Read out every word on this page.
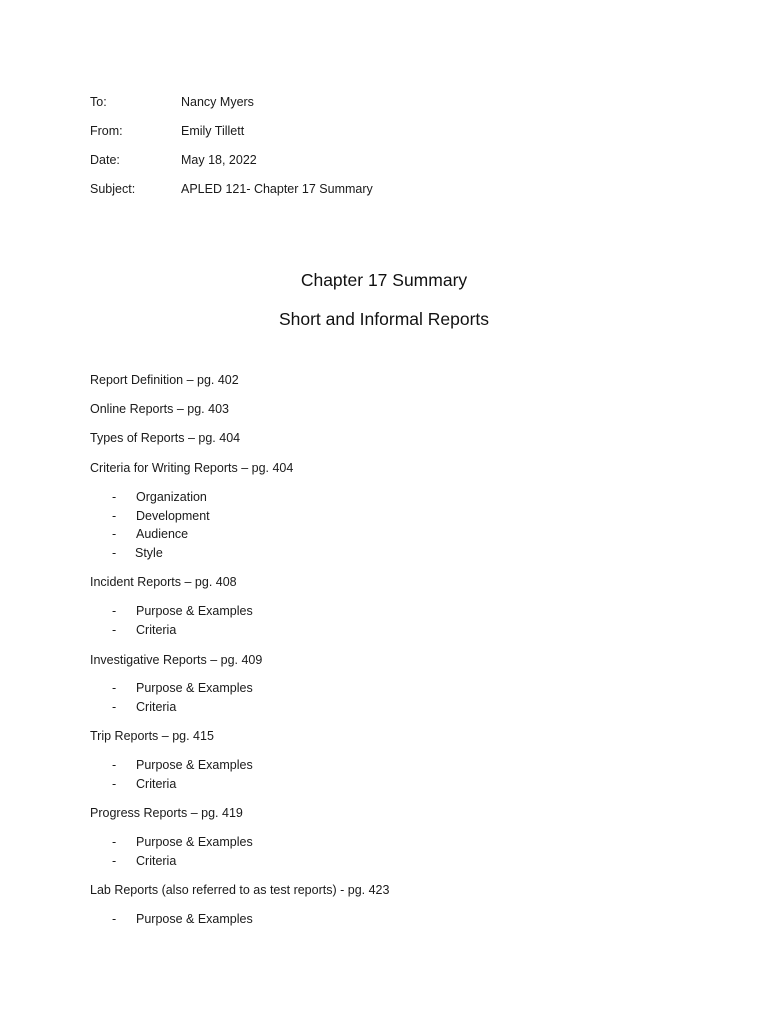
To:	Nancy Myers
From:	Emily Tillett
Date:	May 18, 2022
Subject:	APLED 121- Chapter 17 Summary
Chapter 17 Summary
Short and Informal Reports
Report Definition – pg. 402
Online Reports – pg. 403
Types of Reports – pg. 404
Criteria for Writing Reports – pg. 404
- Organization
- Development
- Audience
- Style
Incident Reports – pg. 408
- Purpose & Examples
- Criteria
Investigative Reports – pg. 409
- Purpose & Examples
- Criteria
Trip Reports – pg. 415
- Purpose & Examples
- Criteria
Progress Reports – pg. 419
- Purpose & Examples
- Criteria
Lab Reports (also referred to as test reports) - pg. 423
- Purpose & Examples
